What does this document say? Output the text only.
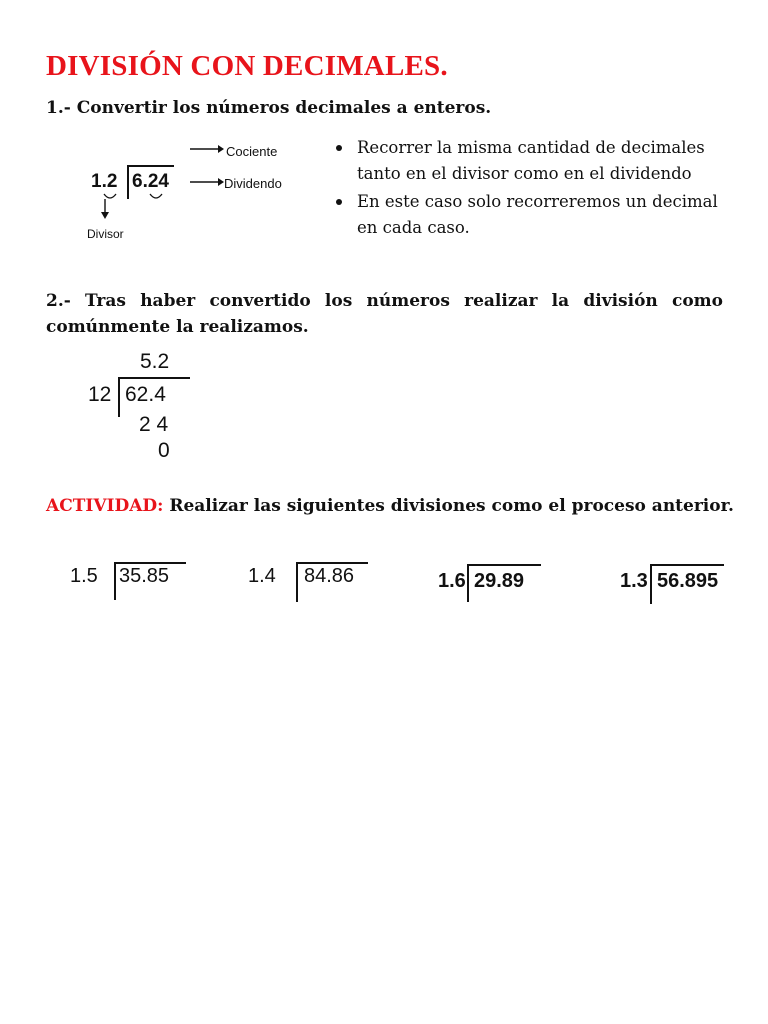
DIVISIÓN CON DECIMALES.
1.- Convertir los números decimales a enteros.
1.2 6.24
Cociente
Dividendo
Divisor
Recorrer la misma cantidad de decimales tanto en el divisor como en el dividendo
En este caso solo recorreremos un decimal en cada caso.
2.- Tras haber convertido los números realizar la división como comúnmente la realizamos.
5.2
12 62.4
2 4
0
ACTIVIDAD: Realizar las siguientes divisiones como el proceso anterior.
1.5 35.85	1.4 84.86	1.6 29.89	1.3 56.895
